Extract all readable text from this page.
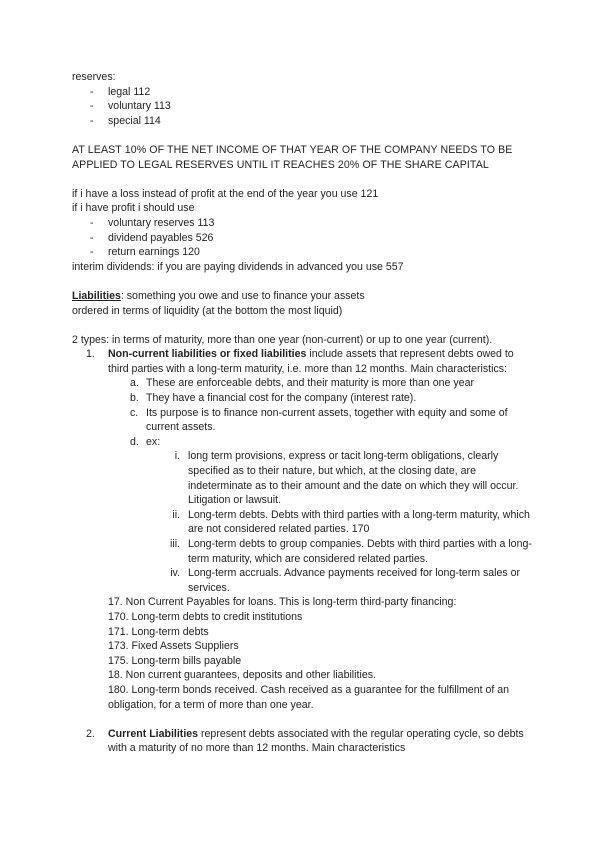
reserves:

-	legal 112
-	voluntary 113
-	special 114

AT LEAST 10% OF THE NET INCOME OF THAT YEAR OF THE COMPANY NEEDS TO BE APPLIED TO LEGAL RESERVES UNTIL IT REACHES 20% OF THE SHARE CAPITAL

if i have a loss instead of profit at the end of the year you use 121

if i have profit i should use

-	voluntary reserves 113
-	dividend payables 526
-	return earnings 120

interim dividends: if you are paying dividends in advanced you use 557

Liabilities: something you owe and use to finance your assets

ordered in terms of liquidity (at the bottom the most liquid)

2 types: in terms of maturity, more than one year (non-current) or up to one year (current).

1.	Non-current liabilities or fixed liabilities include assets that represent debts owed to third parties with a long-term maturity, i.e. more than 12 months. Main characteristics:
a. These are enforceable debts, and their maturity is more than one year
b. They have a financial cost for the company (interest rate).
c. Its purpose is to finance non-current assets, together with equity and some of current assets.
d. ex:
i. long term provisions, express or tacit long-term obligations, clearly specified as to their nature, but which, at the closing date, are indeterminate as to their amount and the date on which they will occur. Litigation or lawsuit.
ii. Long-term debts. Debts with third parties with a long-term maturity, which are not considered related parties. 170
iii. Long-term debts to group companies. Debts with third parties with a long-term maturity, which are considered related parties.
iv. Long-term accruals. Advance payments received for long-term sales or services.

17. Non Current Payables for loans. This is long-term third-party financing:

170. Long-term debts to credit institutions

171. Long-term debts

173. Fixed Assets Suppliers

175. Long-term bills payable

18. Non current guarantees, deposits and other liabilities.

180. Long-term bonds received. Cash received as a guarantee for the fulfillment of an obligation, for a term of more than one year.

2.	Current Liabilities represent debts associated with the regular operating cycle, so debts with a maturity of no more than 12 months. Main characteristics
